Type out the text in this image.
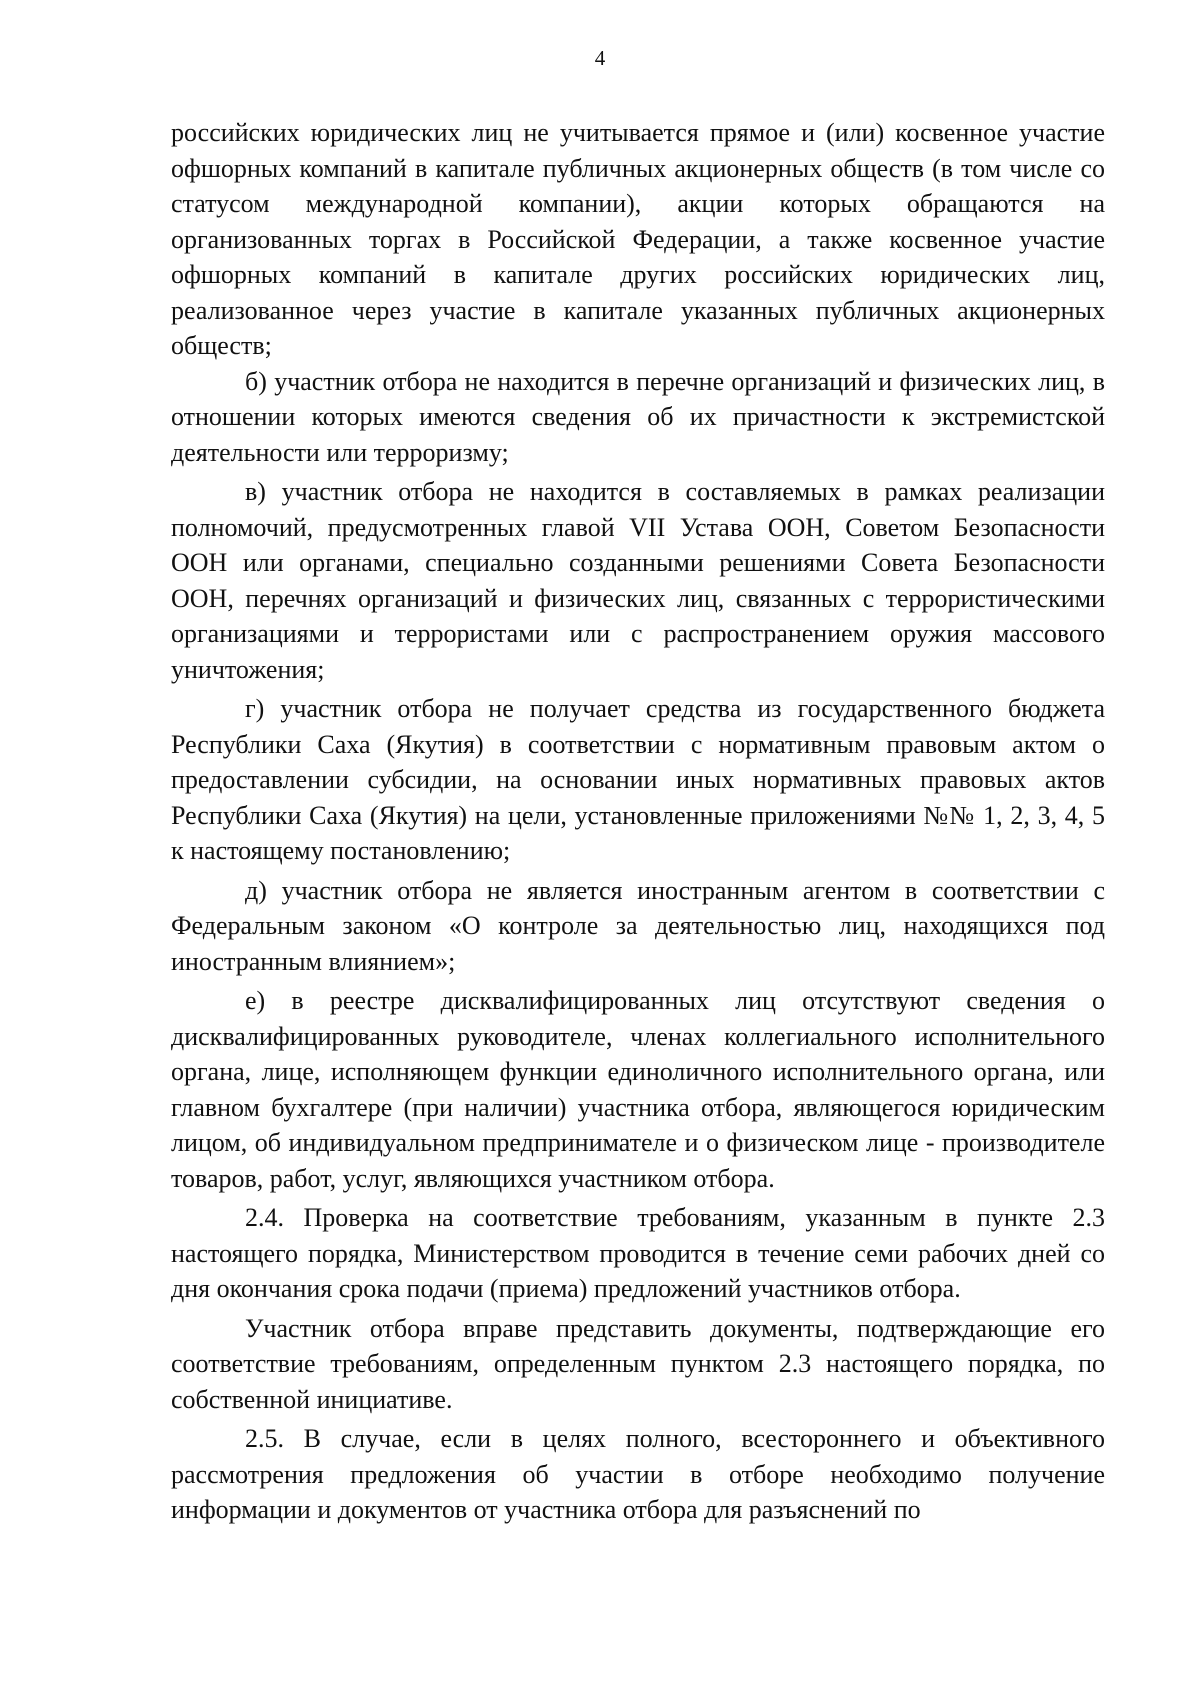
4

российских юридических лиц не учитывается прямое и (или) косвенное участие офшорных компаний в капитале публичных акционерных обществ (в том числе со статусом международной компании), акции которых обращаются на организованных торгах в Российской Федерации, а также косвенное участие офшорных компаний в капитале других российских юридических лиц, реализованное через участие в капитале указанных публичных акционерных обществ;

б) участник отбора не находится в перечне организаций и физических лиц, в отношении которых имеются сведения об их причастности к экстремистской деятельности или терроризму;

в) участник отбора не находится в составляемых в рамках реализации полномочий, предусмотренных главой VII Устава ООН, Советом Безопасности ООН или органами, специально созданными решениями Совета Безопасности ООН, перечнях организаций и физических лиц, связанных с террористическими организациями и террористами или с распространением оружия массового уничтожения;

г) участник отбора не получает средства из государственного бюджета Республики Саха (Якутия) в соответствии с нормативным правовым актом о предоставлении субсидии, на основании иных нормативных правовых актов Республики Саха (Якутия) на цели, установленные приложениями №№ 1, 2, 3, 4, 5 к настоящему постановлению;

д) участник отбора не является иностранным агентом в соответствии с Федеральным законом «О контроле за деятельностью лиц, находящихся под иностранным влиянием»;

е) в реестре дисквалифицированных лиц отсутствуют сведения о дисквалифицированных руководителе, членах коллегиального исполнительного органа, лице, исполняющем функции единоличного исполнительного органа, или главном бухгалтере (при наличии) участника отбора, являющегося юридическим лицом, об индивидуальном предпринимателе и о физическом лице - производителе товаров, работ, услуг, являющихся участником отбора.

2.4. Проверка на соответствие требованиям, указанным в пункте 2.3 настоящего порядка, Министерством проводится в течение семи рабочих дней со дня окончания срока подачи (приема) предложений участников отбора.

Участник отбора вправе представить документы, подтверждающие его соответствие требованиям, определенным пунктом 2.3 настоящего порядка, по собственной инициативе.

2.5. В случае, если в целях полного, всестороннего и объективного рассмотрения предложения об участии в отборе необходимо получение информации и документов от участника отбора для разъяснений по
